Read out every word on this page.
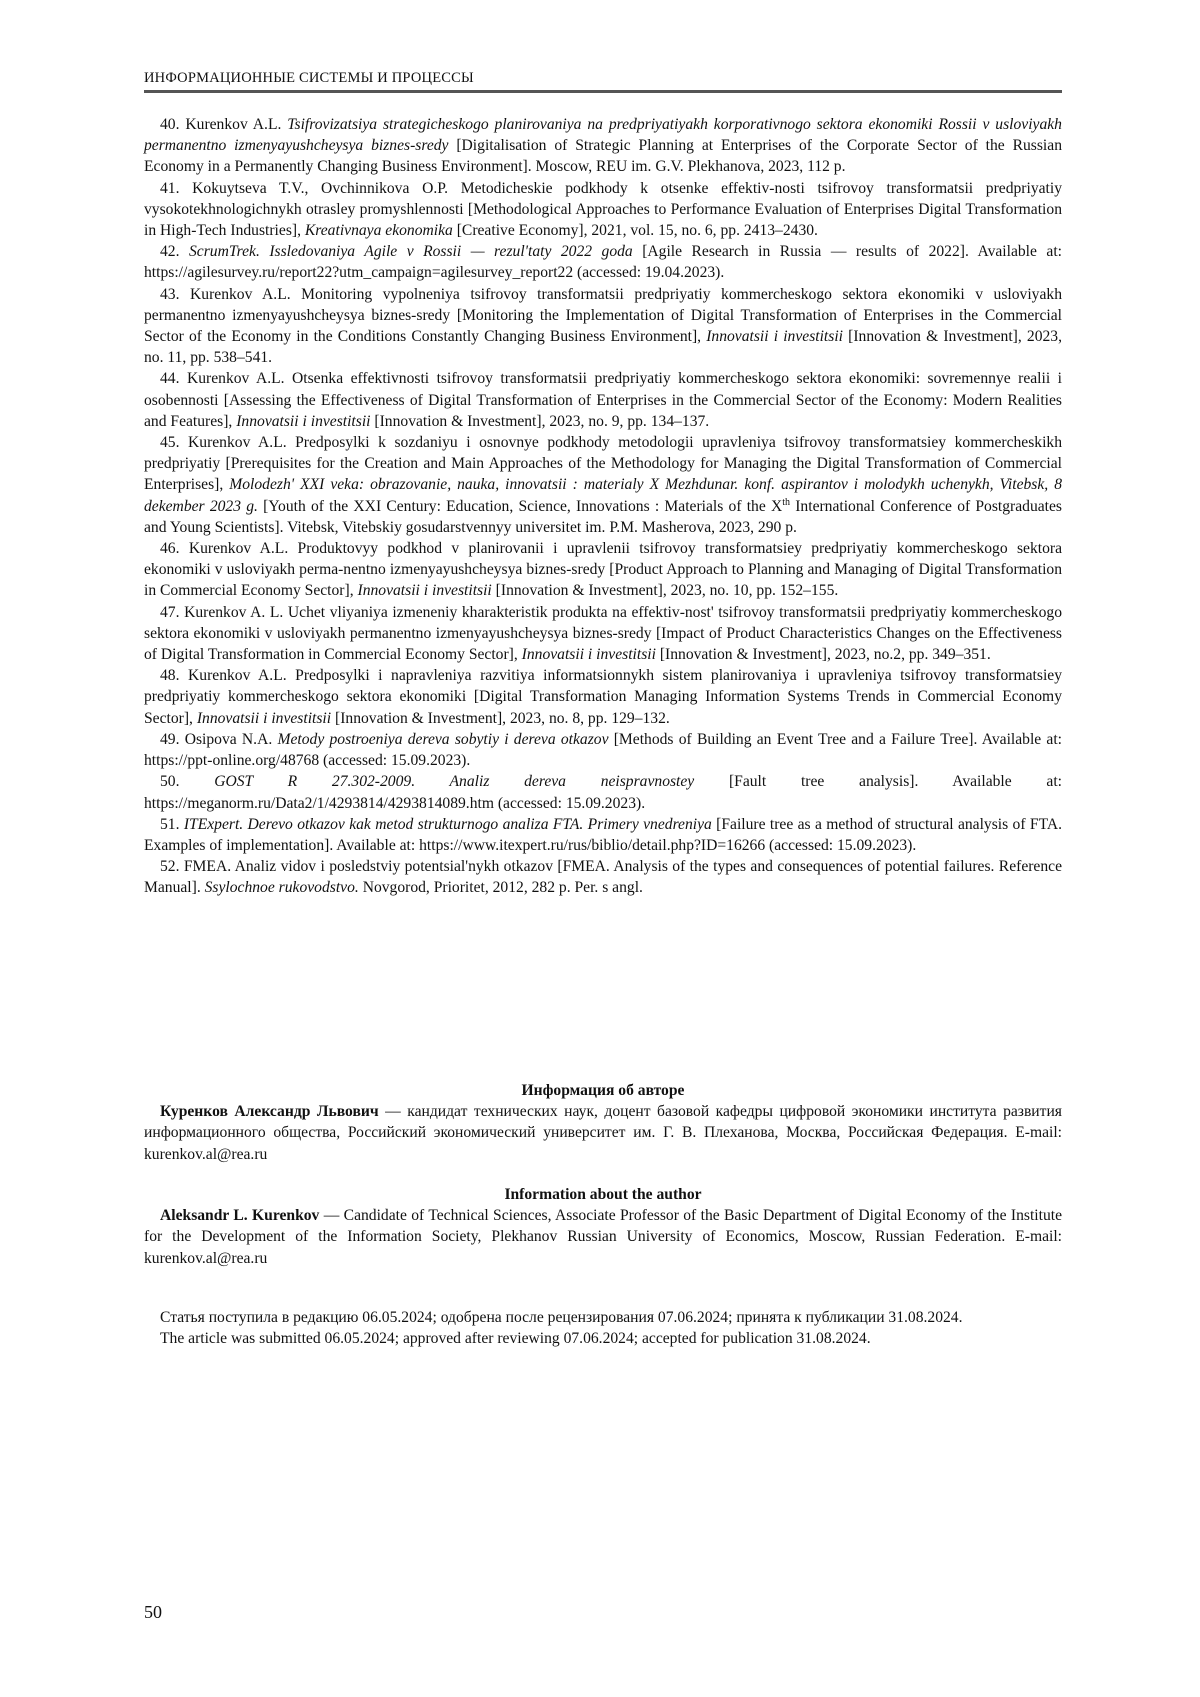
ИНФОРМАЦИОННЫЕ СИСТЕМЫ И ПРОЦЕССЫ

40. Kurenkov A.L. Tsifrovizatsiya strategicheskogo planirovaniya na predpriyatiyakh korporativnogo sektora ekonomiki Rossii v usloviyakh permanentno izmenyayushcheysya biznes-sredy [Digitalisation of Strategic Planning at Enterprises of the Corporate Sector of the Russian Economy in a Permanently Changing Business Environment]. Moscow, REU im. G.V. Plekhanova, 2023, 112 p.

41. Kokuytseva T.V., Ovchinnikova O.P. Metodicheskie podkhody k otsenke effektiv-nosti tsifrovoy transformatsii predpriyatiy vysokotekhnologichnykh otrasley promyshlennosti [Methodological Approaches to Performance Evaluation of Enterprises Digital Transformation in High-Tech Industries], Kreativnaya ekonomika [Creative Economy], 2021, vol. 15, no. 6, pp. 2413–2430.

42. ScrumTrek. Issledovaniya Agile v Rossii — rezul'taty 2022 goda [Agile Research in Russia — results of 2022]. Available at: https://agilesurvey.ru/report22?utm_campaign=agilesurvey_report22 (accessed: 19.04.2023).

43. Kurenkov A.L. Monitoring vypolneniya tsifrovoy transformatsii predpriyatiy kommercheskogo sektora ekonomiki v usloviyakh permanentno izmenyayushcheysya biznes-sredy [Monitoring the Implementation of Digital Transformation of Enterprises in the Commercial Sector of the Economy in the Conditions Constantly Changing Business Environment], Innovatsii i investitsii [Innovation & Investment], 2023, no. 11, pp. 538–541.

44. Kurenkov A.L. Otsenka effektivnosti tsifrovoy transformatsii predpriyatiy kommercheskogo sektora ekonomiki: sovremennye realii i osobennosti [Assessing the Effectiveness of Digital Transformation of Enterprises in the Commercial Sector of the Economy: Modern Realities and Features], Innovatsii i investitsii [Innovation & Investment], 2023, no. 9, pp. 134–137.

45. Kurenkov A.L. Predposylki k sozdaniyu i osnovnye podkhody metodologii upravleniya tsifrovoy transformatsiey kommercheskikh predpriyatiy [Prerequisites for the Creation and Main Approaches of the Methodology for Managing the Digital Transformation of Commercial Enterprises], Molodezh' XXI veka: obrazovanie, nauka, innovatsii : materialy X Mezhdunar. konf. aspirantov i molodykh uchenykh, Vitebsk, 8 dekember 2023 g. [Youth of the XXI Century: Education, Science, Innovations : Materials of the Xth International Conference of Postgraduates and Young Scientists]. Vitebsk, Vitebskiy gosudarstvennyy universitet im. P.M. Masherova, 2023, 290 p.

46. Kurenkov A.L. Produktovyy podkhod v planirovanii i upravlenii tsifrovoy transformatsiey predpriyatiy kommercheskogo sektora ekonomiki v usloviyakh perma-nentno izmenyayushcheysya biznes-sredy [Product Approach to Planning and Managing of Digital Transformation in Commercial Economy Sector], Innovatsii i investitsii [Innovation & Investment], 2023, no. 10, pp. 152–155.

47. Kurenkov A. L. Uchet vliyaniya izmeneniy kharakteristik produkta na effektiv-nost' tsifrovoy transformatsii predpriyatiy kommercheskogo sektora ekonomiki v usloviyakh permanentno izmenyayushcheysya biznes-sredy [Impact of Product Characteristics Changes on the Effectiveness of Digital Transformation in Commercial Economy Sector], Innovatsii i investitsii [Innovation & Investment], 2023, no.2, pp. 349–351.

48. Kurenkov A.L. Predposylki i napravleniya razvitiya informatsionnykh sistem planirovaniya i upravleniya tsifrovoy transformatsiey predpriyatiy kommercheskogo sektora ekonomiki [Digital Transformation Managing Information Systems Trends in Commercial Economy Sector], Innovatsii i investitsii [Innovation & Investment], 2023, no. 8, pp. 129–132.

49. Osipova N.A. Metody postroeniya dereva sobytiy i dereva otkazov [Methods of Building an Event Tree and a Failure Tree]. Available at: https://ppt-online.org/48768 (accessed: 15.09.2023).

50. GOST R 27.302-2009. Analiz dereva neispravnostey [Fault tree analysis]. Available at: https://meganorm.ru/Data2/1/4293814/4293814089.htm (accessed: 15.09.2023).

51. ITExpert. Derevo otkazov kak metod strukturnogo analiza FTA. Primery vnedreniya [Failure tree as a method of structural analysis of FTA. Examples of implementation]. Available at: https://www.itexpert.ru/rus/biblio/detail.php?ID=16266 (accessed: 15.09.2023).

52. FMEA. Analiz vidov i posledstviy potentsial'nykh otkazov [FMEA. Analysis of the types and consequences of potential failures. Reference Manual]. Ssylochnoe rukovodstvo. Novgorod, Prioritet, 2012, 282 p. Per. s angl.

Информация об авторе

Куренков Александр Львович — кандидат технических наук, доцент базовой кафедры цифровой экономики института развития информационного общества, Российский экономический университет им. Г. В. Плеханова, Москва, Российская Федерация. E-mail: kurenkov.al@rea.ru

Information about the author

Aleksandr L. Kurenkov — Candidate of Technical Sciences, Associate Professor of the Basic Department of Digital Economy of the Institute for the Development of the Information Society, Plekhanov Russian University of Economics, Moscow, Russian Federation. E-mail: kurenkov.al@rea.ru

Статья поступила в редакцию 06.05.2024; одобрена после рецензирования 07.06.2024; принята к публикации 31.08.2024.

The article was submitted 06.05.2024; approved after reviewing 07.06.2024; accepted for publication 31.08.2024.

50
